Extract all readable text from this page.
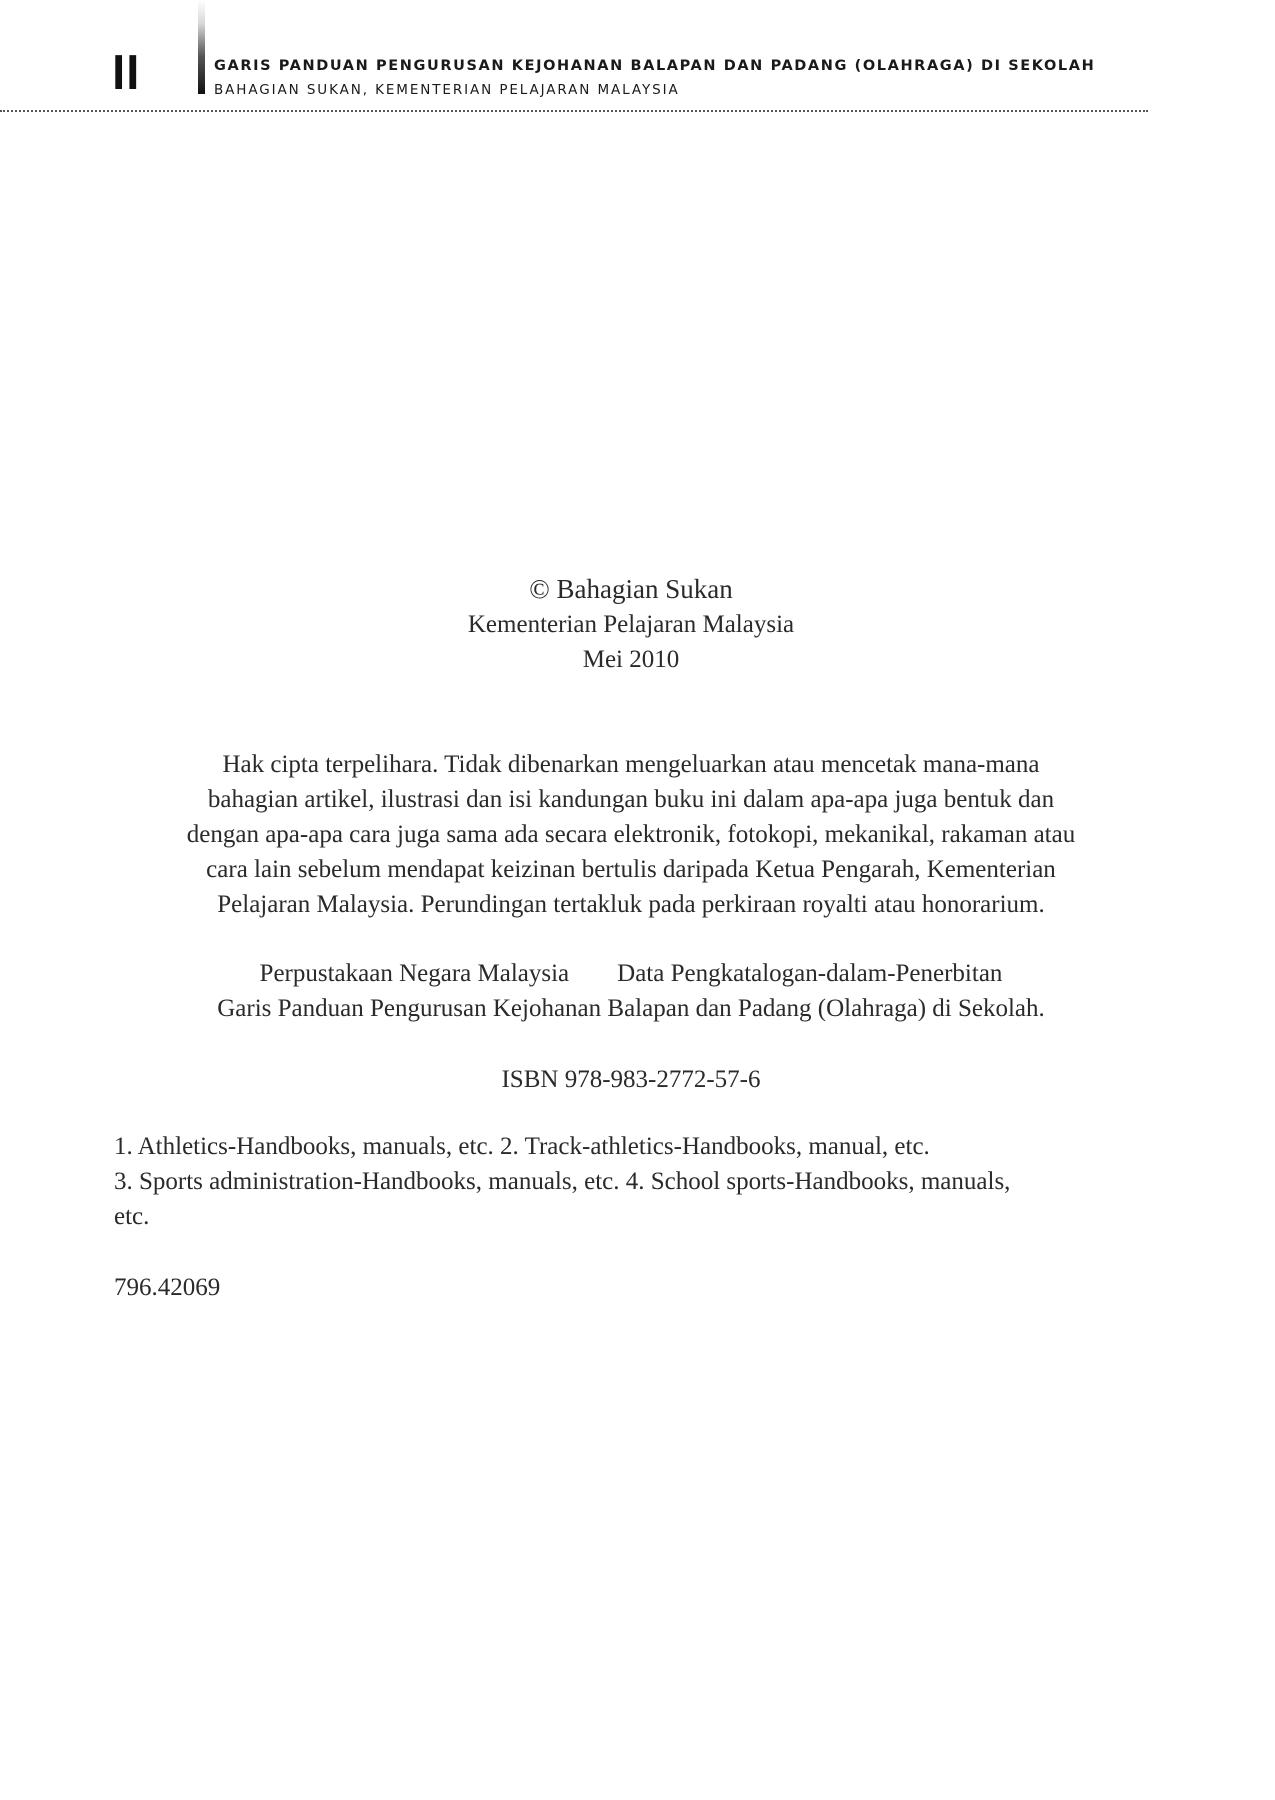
II	GARIS PANDUAN PENGURUSAN KEJOHANAN BALAPAN DAN PADANG (OLAHRAGA) DI SEKOLAH
BAHAGIAN SUKAN, KEMENTERIAN PELAJARAN MALAYSIA
© Bahagian Sukan
Kementerian Pelajaran Malaysia
Mei 2010
Hak cipta terpelihara. Tidak dibenarkan mengeluarkan atau mencetak mana-mana
bahagian artikel, ilustrasi dan isi kandungan buku ini dalam apa-apa juga bentuk dan
dengan apa-apa cara juga sama ada secara elektronik, fotokopi, mekanikal, rakaman atau
cara lain sebelum mendapat keizinan bertulis daripada Ketua Pengarah, Kementerian
Pelajaran Malaysia. Perundingan tertakluk pada perkiraan royalti atau honorarium.
Perpustakaan Negara Malaysia Data Pengkatalogan-dalam-Penerbitan
Garis Panduan Pengurusan Kejohanan Balapan dan Padang (Olahraga) di Sekolah.
ISBN 978-983-2772-57-6
1. Athletics-Handbooks, manuals, etc. 2. Track-athletics-Handbooks, manual, etc.
3. Sports administration-Handbooks, manuals, etc. 4. School sports-Handbooks, manuals,
etc.
796.42069
